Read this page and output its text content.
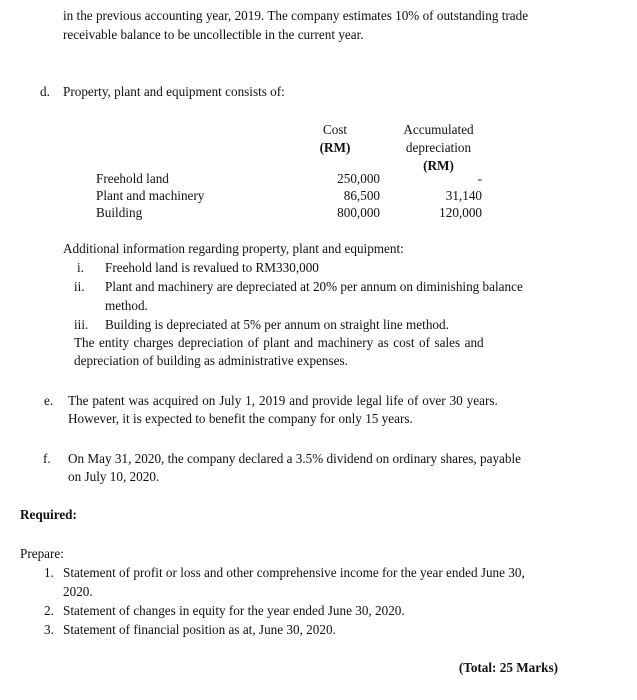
in the previous accounting year, 2019. The company estimates 10% of outstanding trade
receivable balance to be uncollectible in the current year.
d. Property, plant and equipment consists of:
Cost
(RM)
Accumulated
depreciation
(RM)
Freehold land	250,000	-
Plant and machinery	86,500	31,140
Building	800,000	120,000
Additional information regarding property, plant and equipment:
i. Freehold land is revalued to RM330,000
ii. Plant and machinery are depreciated at 20% per annum on diminishing balance
method.
iii. Building is depreciated at 5% per annum on straight line method.
The entity charges depreciation of plant and machinery as cost of sales and
depreciation of building as administrative expenses.
e. The patent was acquired on July 1, 2019 and provide legal life of over 30 years.
However, it is expected to benefit the company for only 15 years.
f. On May 31, 2020, the company declared a 3.5% dividend on ordinary shares, payable
on July 10, 2020.
Required:
Prepare:
1. Statement of profit or loss and other comprehensive income for the year ended June 30,
2020.
2. Statement of changes in equity for the year ended June 30, 2020.
3. Statement of financial position as at, June 30, 2020.
(Total: 25 Marks)
